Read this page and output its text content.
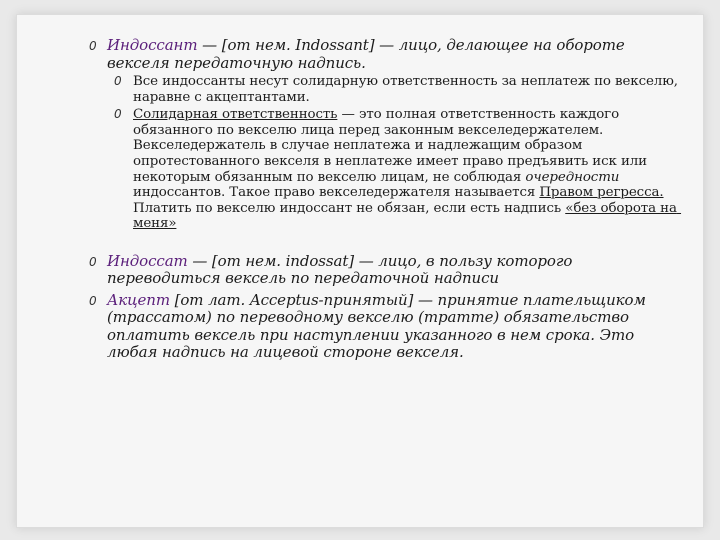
0 Индоссант — [от нем. Indossant] — лицо, делающее на обороте векселя передаточную надпись.
0 Все индоссанты несут солидарную ответственность за неплатеж по векселю, наравне с акцептантами.
0 Солидарная ответственность — это полная ответственность каждого обязанного по векселю лица перед законным векселедержателем. Векселедержатель в случае неплатежа и надлежащим образом опротестованного векселя в неплатеже имеет право предъявить иск или некоторым обязанным по векселю лицам, не соблюдая очередности индоссантов. Такое право векселедержателя называется Правом регресса. Платить по векселю индоссант не обязан, если есть надпись «без оборота на меня»
0 Индоссат — [от нем. indossat] — лицо, в пользу которого переводиться вексель по передаточной надписи
0 Акцепт [от лат. Acceptus-принятый] — принятие плательщиком (трассатом) по переводному векселю (тратте) обязательство оплатить вексель при наступлении указанного в нем срока. Это любая надпись на лицевой стороне векселя.
